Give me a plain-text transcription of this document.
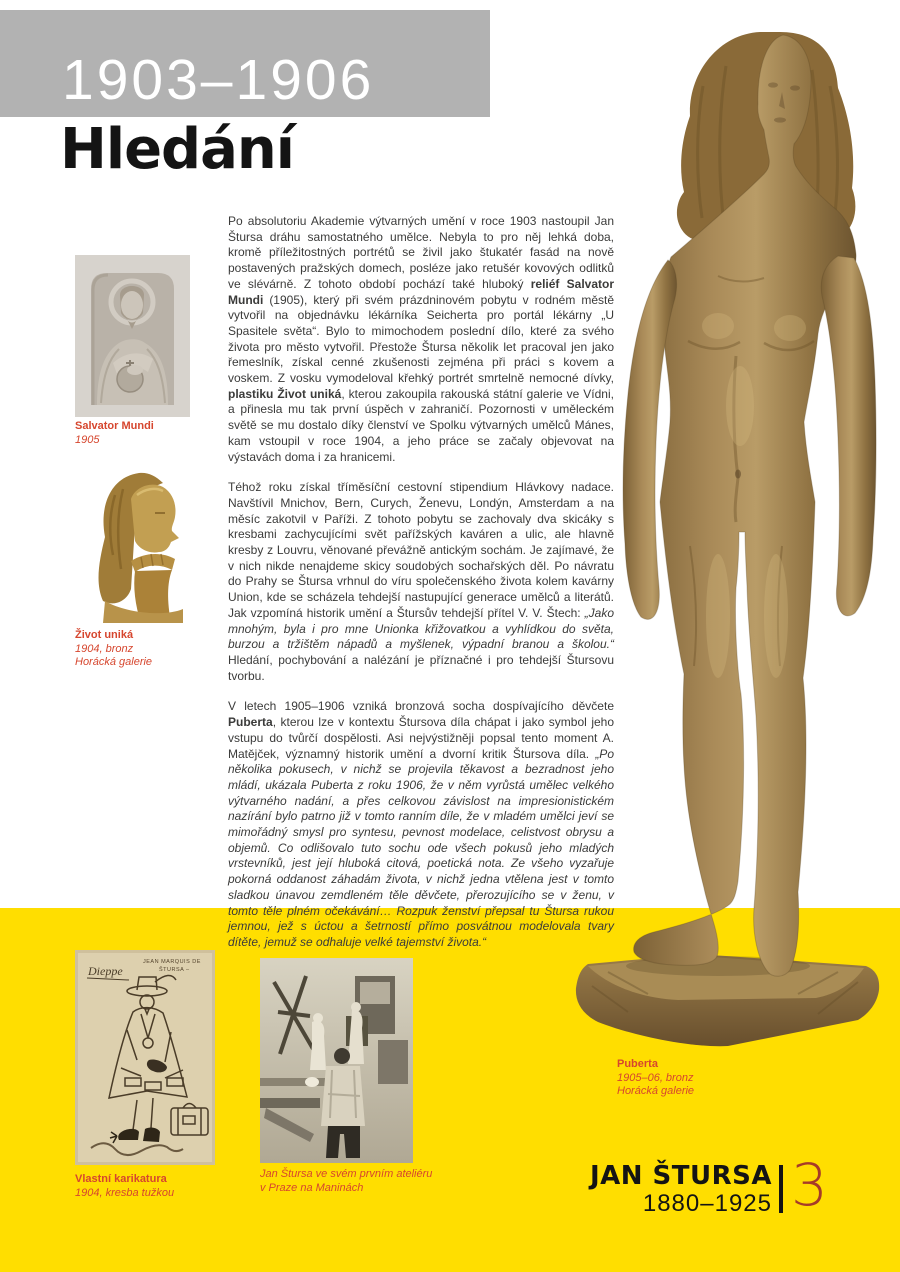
1903–1906
Hledání

Po absolutoriu Akademie výtvarných umění v roce 1903 nastoupil Jan Štursa dráhu samostatného umělce. Nebyla to pro něj lehká doba, kromě příležitostných portrétů se živil jako štukatér fasád na nově postavených pražských domech, posléze jako retušér kovových odlitků ve slévárně. Z tohoto období pochází také hluboký reliéf Salvator Mundi (1905), který při svém prázdninovém pobytu v rodném městě vytvořil na objednávku lékárníka Seicherta pro portál lékárny „U Spasitele světa“. Bylo to mimochodem poslední dílo, které za svého života pro město vytvořil. Přestože Štursa několik let pracoval jen jako řemeslník, získal cenné zkušenosti zejména při práci s kovem a voskem. Z vosku vymodeloval křehký portrét smrtelně nemocné dívky, plastiku Život uniká, kterou zakoupila rakouská státní galerie ve Vídni, a přinesla mu tak první úspěch v zahraničí. Pozornosti v uměleckém světě se mu dostalo díky členství ve Spolku výtvarných umělců Mánes, kam vstoupil v roce 1904, a jeho práce se začaly objevovat na výstavách doma i za hranicemi.

Téhož roku získal tříměsíční cestovní stipendium Hlávkovy nadace. Navštívil Mnichov, Bern, Curych, Ženevu, Londýn, Amsterdam a na měsíc zakotvil v Paříži. Z tohoto pobytu se zachovaly dva skicáky s kresbami zachycujícími svět pařížských kaváren a ulic, ale hlavně kresby z Louvru, věnované převážně antickým sochám. Je zajímavé, že v nich nikde nenajdeme skicy soudobých sochařských děl. Po návratu do Prahy se Štursa vrhnul do víru společenského života kolem kavárny Union, kde se scházela tehdejší nastupující generace umělců a literátů. Jak vzpomíná historik umění a Štursův tehdejší přítel V. V. Štech: „Jako mnohým, byla i pro mne Unionka křižovatkou a vyhlídkou do světa, burzou a tržištěm nápadů a myšlenek, výpadní branou a školou.“ Hledání, pochybování a nalézání je příznačné i pro tehdejší Štursovu tvorbu.

V letech 1905–1906 vzniká bronzová socha dospívajícího děvčete Puberta, kterou lze v kontextu Štursova díla chápat i jako symbol jeho vstupu do tvůrčí dospělosti. Asi nejvýstižněji popsal tento moment A. Matějček, významný historik umění a dvorní kritik Štursova díla. „Po několika pokusech, v nichž se projevila těkavost a bezradnost jeho mládí, ukázala Puberta z roku 1906, že v něm vyrůstá umělec velkého výtvarného nadání, a přes celkovou závislost na impresionistickém nazírání bylo patrno již v tomto ranním díle, že v mladém umělci jeví se mimořádný smysl pro syntesu, pevnost modelace, celistvost obrysu a objemů. Co odlišovalo tuto sochu ode všech pokusů jeho mladých vrstevníků, jest její hluboká citová, poetická nota. Ze všeho vyzařuje pokorná oddanost záhadám života, v nichž jedna vtělena jest v tomto sladkou únavou zemdleném těle děvčete, přerozujícího se v ženu, v tomto těle plném očekávání… Rozpuk ženství přepsal tu Štursa rukou jemnou, jež s úctou a šetrností přímo posvátnou modelovala tvary dítěte, jemuž se odhaluje velké tajemství života.“

Salvator Mundi
1905
Život uniká
1904, bronz
Horácká galerie
Puberta
1905–06, bronz
Horácká galerie
Dieppe
JEAN MARQUIS DE
ŠTURSA –
Vlastní karikatura
1904, kresba tužkou
Jan Štursa ve svém prvním ateliéru
v Praze na Maninách	JAN ŠTURSA
1880–1925 3
